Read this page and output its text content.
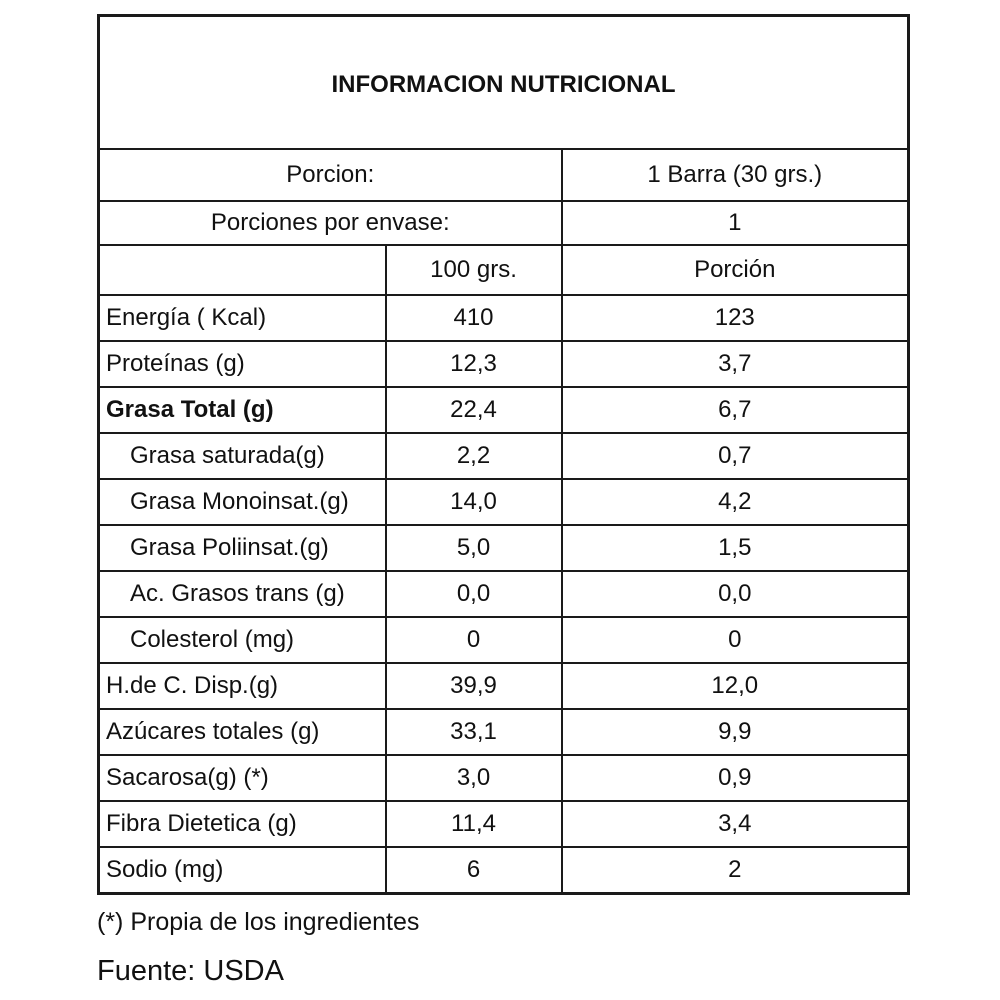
INFORMACION NUTRICIONAL		
Porcion:		1 Barra (30 grs.)
Porciones por envase:		1
	100 grs.	Porción
Energía ( Kcal)	410	123
Proteínas (g)	12,3	3,7
Grasa Total (g)	22,4	6,7
Grasa saturada(g)	2,2	0,7
Grasa Monoinsat.(g)	14,0	4,2
Grasa Poliinsat.(g)	5,0	1,5
Ac. Grasos trans (g)	0,0	0,0
Colesterol (mg)	0	0
H.de C. Disp.(g)	39,9	12,0
Azúcares totales (g)	33,1	9,9
Sacarosa(g) (*)	3,0	0,9
Fibra Dietetica (g)	11,4	3,4
Sodio (mg)	6	2
(*) Propia de los ingredientes
Fuente: USDA
